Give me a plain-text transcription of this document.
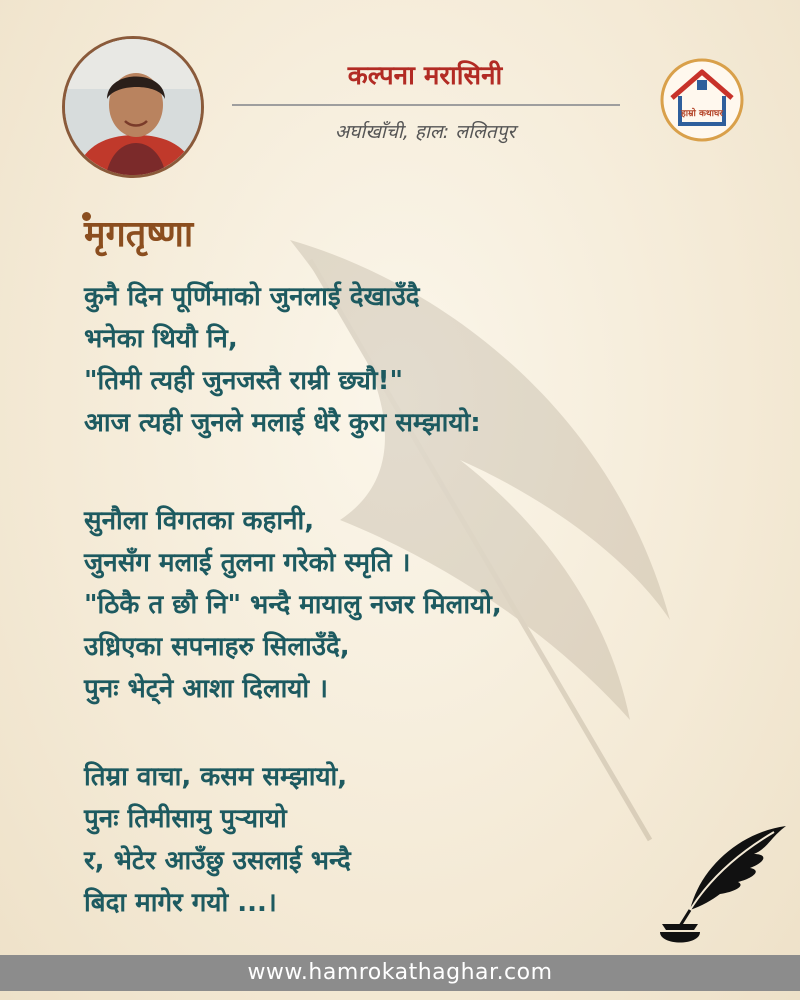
कल्पना मरासिनी
अर्घाखाँची, हाल: ललितपुर
हाम्रो कथाघर
मृगतृष्णा
कुनै दिन पूर्णिमाको जुनलाई देखाउँदै
भनेका थियौ नि,
"तिमी त्यही जुनजस्तै राम्री छ्यौ!"
आज त्यही जुनले मलाई धेरै कुरा सम्झायो:
सुनौला विगतका कहानी,
जुनसँग मलाई तुलना गरेको स्मृति ।
"ठिकै त छौ नि" भन्दै मायालु नजर मिलायो,
उध्रिएका सपनाहरु सिलाउँदै,
पुनः भेट्ने आशा दिलायो ।
तिम्रा वाचा, कसम सम्झायो,
पुनः तिमीसामु पुऱ्यायो
र, भेटेर आउँछु उसलाई भन्दै
बिदा मागेर गयो ...।
www.hamrokathaghar.com
